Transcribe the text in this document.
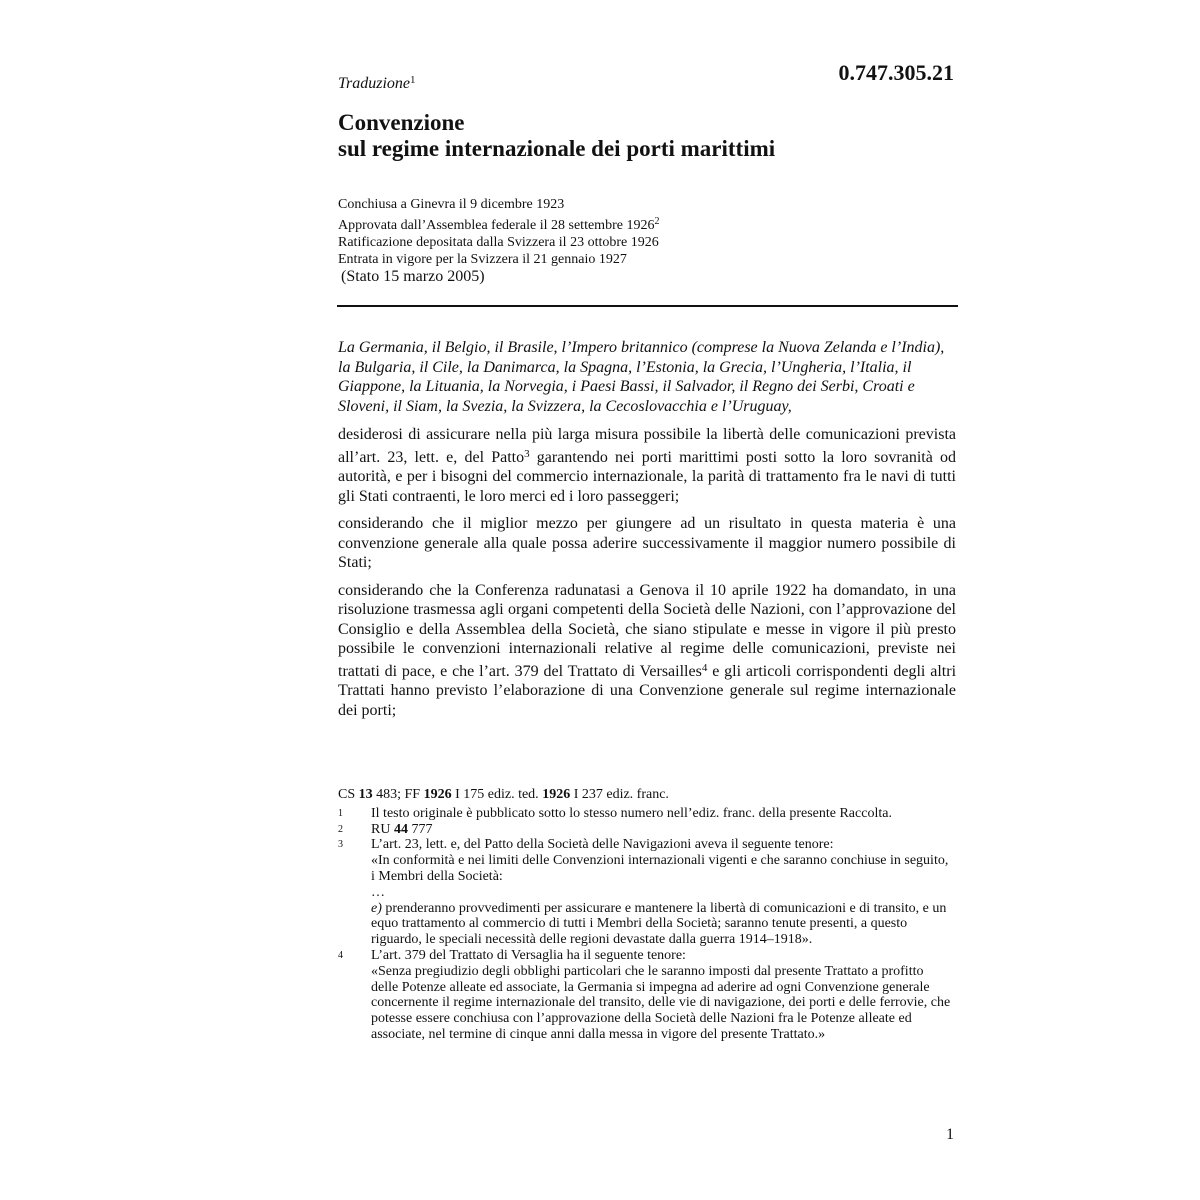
Traduzione$^1$	0.747.305.21
Convenzione
sul regime internazionale dei porti marittimi
Conchiusa a Ginevra il 9 dicembre 1923
Approvata dall’Assemblea federale il 28 settembre 1926$^2$
Ratificazione depositata dalla Svizzera il 23 ottobre 1926
Entrata in vigore per la Svizzera il 21 gennaio 1927
(Stato 15 marzo 2005)

La Germania, il Belgio, il Brasile, l’Impero britannico (comprese la Nuova Zelanda e l’India), la Bulgaria, il Cile, la Danimarca, la Spagna, l’Estonia, la Grecia, l’Ungheria, l’Italia, il Giappone, la Lituania, la Norvegia, i Paesi Bassi, il Salvador, il Regno dei Serbi, Croati e Sloveni, il Siam, la Svezia, la Svizzera, la Cecoslovacchia e l’Uruguay,

desiderosi di assicurare nella più larga misura possibile la libertà delle comunicazioni prevista all’art. 23, lett. e, del Patto$^3$ garantendo nei porti marittimi posti sotto la loro sovranità od autorità, e per i bisogni del commercio internazionale, la parità di trattamento fra le navi di tutti gli Stati contraenti, le loro merci ed i loro passeggeri;

considerando che il miglior mezzo per giungere ad un risultato in questa materia è una convenzione generale alla quale possa aderire successivamente il maggior numero possibile di Stati;

considerando che la Conferenza radunatasi a Genova il 10 aprile 1922 ha domandato, in una risoluzione trasmessa agli organi competenti della Società delle Nazioni, con l’approvazione del Consiglio e della Assemblea della Società, che siano stipulate e messe in vigore il più presto possibile le convenzioni internazionali relative al regime delle comunicazioni, previste nei trattati di pace, e che l’art. 379 del Trattato di Versailles$^4$ e gli articoli corrispondenti degli altri Trattati hanno previsto l’elaborazione di una Convenzione generale sul regime internazionale dei porti;

CS 13 483; FF 1926 I 175 ediz. ted. 1926 I 237 ediz. franc.
1	Il testo originale è pubblicato sotto lo stesso numero nell’ediz. franc. della presente Raccolta.
2	RU 44 777
3	L’art. 23, lett. e, del Patto della Società delle Navigazioni aveva il seguente tenore:
«In conformità e nei limiti delle Convenzioni internazionali vigenti e che saranno conchiuse in seguito, i Membri della Società:
…
e) prenderanno provvedimenti per assicurare e mantenere la libertà di comunicazioni e di transito, e un equo trattamento al commercio di tutti i Membri della Società; saranno tenute presenti, a questo riguardo, le speciali necessità delle regioni devastate dalla guerra 1914–1918».
4	L’art. 379 del Trattato di Versaglia ha il seguente tenore:
«Senza pregiudizio degli obblighi particolari che le saranno imposti dal presente Trattato a profitto delle Potenze alleate ed associate, la Germania si impegna ad aderire ad ogni Convenzione generale concernente il regime internazionale del transito, delle vie di navigazione, dei porti e delle ferrovie, che potesse essere conchiusa con l’approvazione della Società delle Nazioni fra le Potenze alleate ed associate, nel termine di cinque anni dalla messa in vigore del presente Trattato.»
1
